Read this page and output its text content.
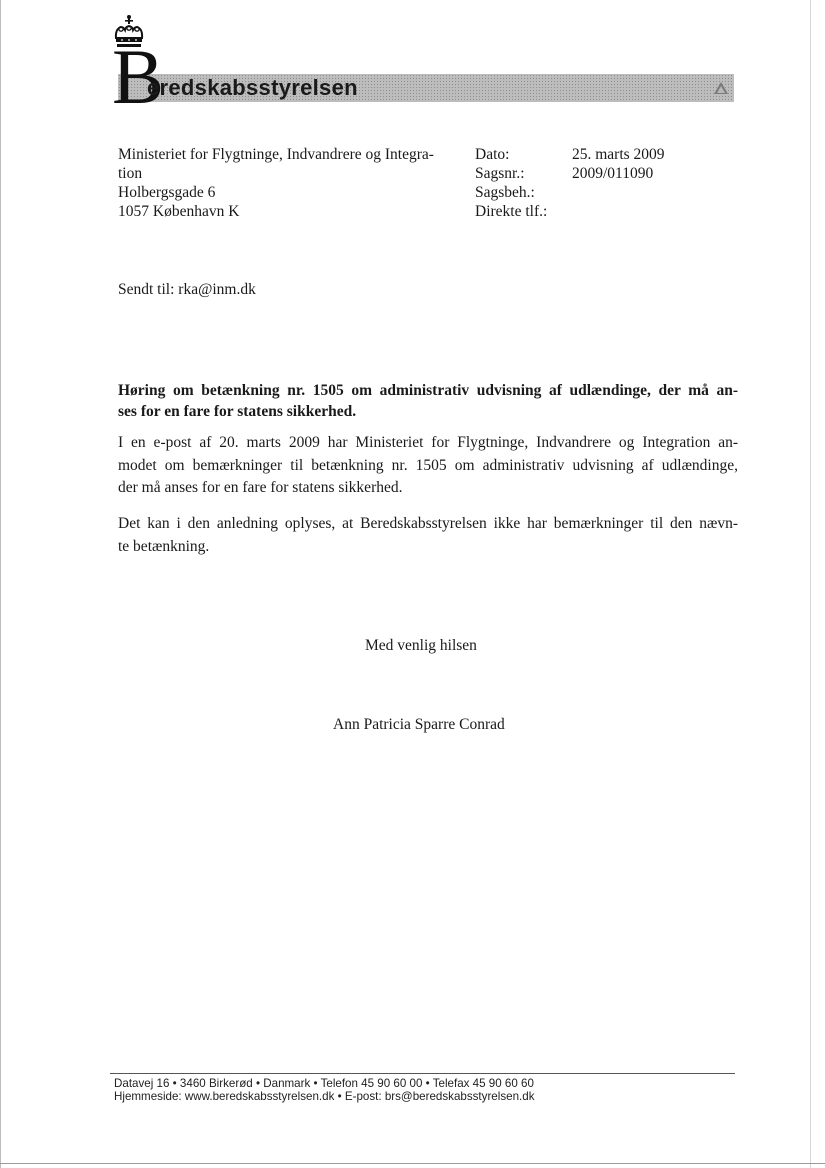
B
eredskabsstyrelsen
Ministeriet for Flygtninge, Indvandrere og Integra-
tion
Holbergsgade 6
1057 København K
Dato:
Sagsnr.:
Sagsbeh.:
Direkte tlf.:
25. marts 2009
2009/011090
Sendt til: rka@inm.dk
Høring om betænkning nr. 1505 om administrativ udvisning af udlændinge, der må an-
ses for en fare for statens sikkerhed.
I en e-post af 20. marts 2009 har Ministeriet for Flygtninge, Indvandrere og Integration an-
modet om bemærkninger til betænkning nr. 1505 om administrativ udvisning af udlændinge,
der må anses for en fare for statens sikkerhed.
Det kan i den anledning oplyses, at Beredskabsstyrelsen ikke har bemærkninger til den nævn-
te betænkning.
Med venlig hilsen
Ann Patricia Sparre Conrad
Datavej 16 • 3460 Birkerød • Danmark • Telefon 45 90 60 00 • Telefax 45 90 60 60
Hjemmeside: www.beredskabsstyrelsen.dk • E-post: brs@beredskabsstyrelsen.dk
